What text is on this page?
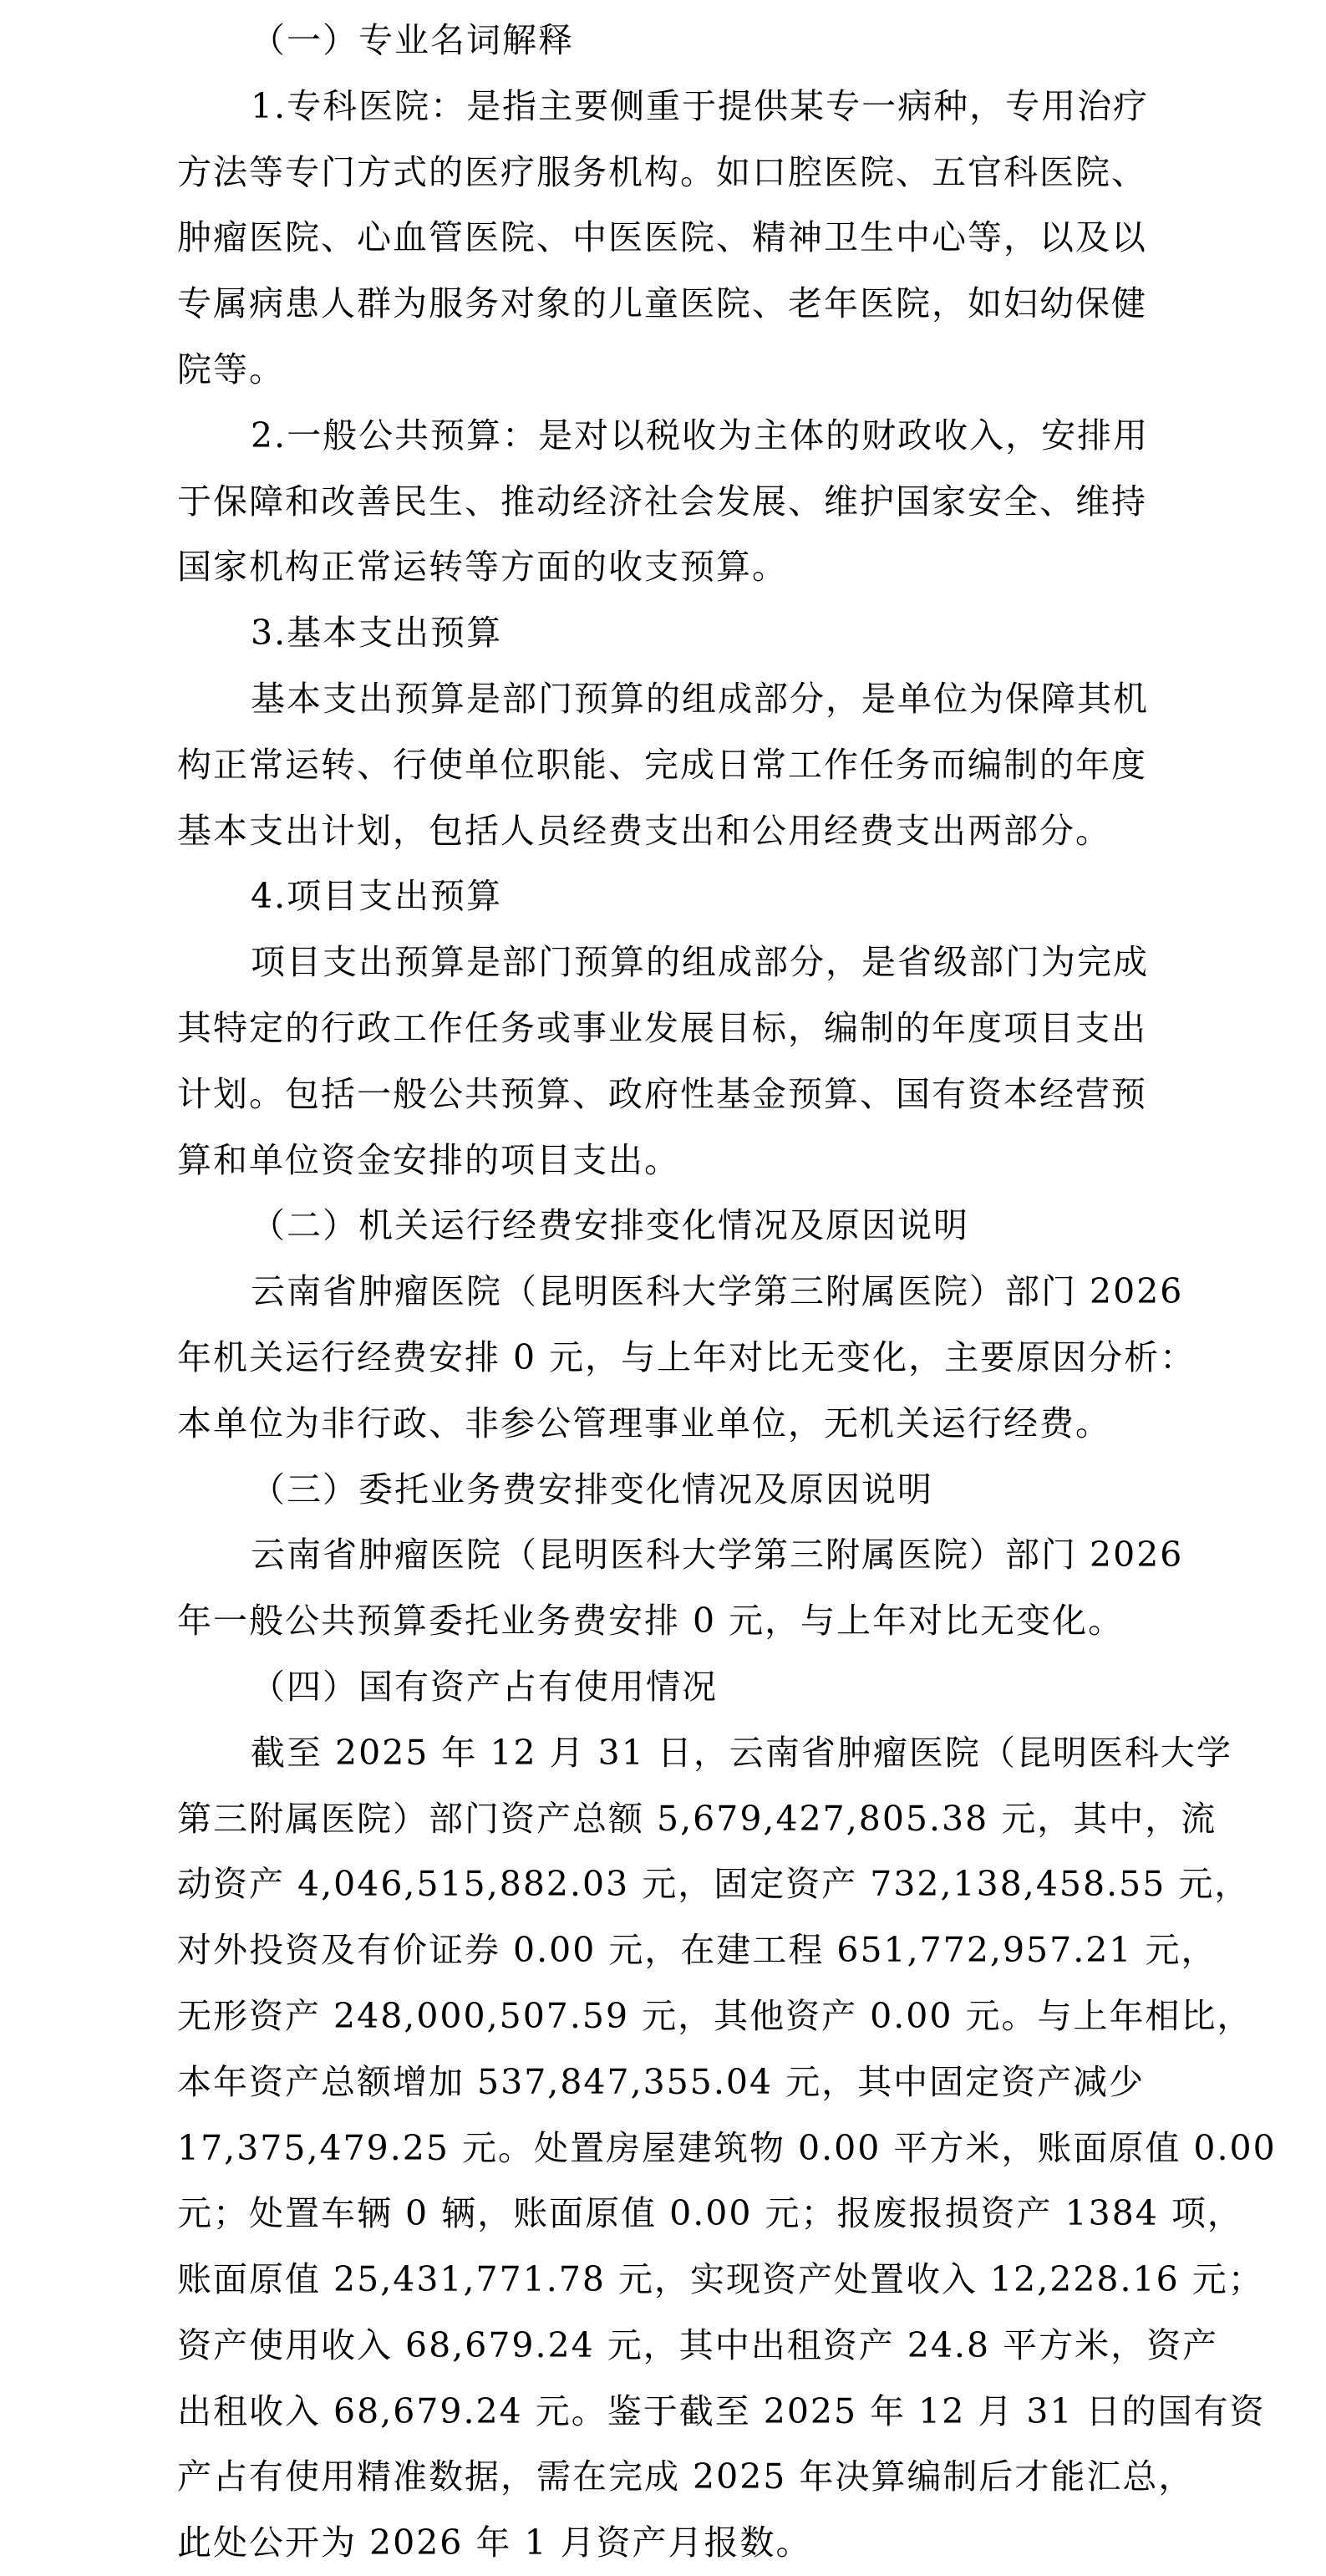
（一）专业名词解释
1.专科医院：是指主要侧重于提供某专一病种，专用治疗
方法等专门方式的医疗服务机构。如口腔医院、五官科医院、
肿瘤医院、心血管医院、中医医院、精神卫生中心等，以及以
专属病患人群为服务对象的儿童医院、老年医院，如妇幼保健
院等。
2.一般公共预算：是对以税收为主体的财政收入，安排用
于保障和改善民生、推动经济社会发展、维护国家安全、维持
国家机构正常运转等方面的收支预算。
3.基本支出预算
基本支出预算是部门预算的组成部分，是单位为保障其机
构正常运转、行使单位职能、完成日常工作任务而编制的年度
基本支出计划，包括人员经费支出和公用经费支出两部分。
4.项目支出预算
项目支出预算是部门预算的组成部分，是省级部门为完成
其特定的行政工作任务或事业发展目标，编制的年度项目支出
计划。包括一般公共预算、政府性基金预算、国有资本经营预
算和单位资金安排的项目支出。
（二）机关运行经费安排变化情况及原因说明
云南省肿瘤医院（昆明医科大学第三附属医院）部门 2026
年机关运行经费安排 0 元，与上年对比无变化，主要原因分析：
本单位为非行政、非参公管理事业单位，无机关运行经费。
（三）委托业务费安排变化情况及原因说明
云南省肿瘤医院（昆明医科大学第三附属医院）部门 2026
年一般公共预算委托业务费安排 0 元，与上年对比无变化。
（四）国有资产占有使用情况
截至 2025 年 12 月 31 日，云南省肿瘤医院（昆明医科大学
第三附属医院）部门资产总额 5,679,427,805.38 元，其中，流
动资产 4,046,515,882.03 元，固定资产 732,138,458.55 元，
对外投资及有价证券 0.00 元，在建工程 651,772,957.21 元，
无形资产 248,000,507.59 元，其他资产 0.00 元。与上年相比，
本年资产总额增加 537,847,355.04 元，其中固定资产减少
17,375,479.25 元。处置房屋建筑物 0.00 平方米，账面原值 0.00
元；处置车辆 0 辆，账面原值 0.00 元；报废报损资产 1384 项，
账面原值 25,431,771.78 元，实现资产处置收入 12,228.16 元；
资产使用收入 68,679.24 元，其中出租资产 24.8 平方米，资产
出租收入 68,679.24 元。鉴于截至 2025 年 12 月 31 日的国有资
产占有使用精准数据，需在完成 2025 年决算编制后才能汇总，
此处公开为 2026 年 1 月资产月报数。
